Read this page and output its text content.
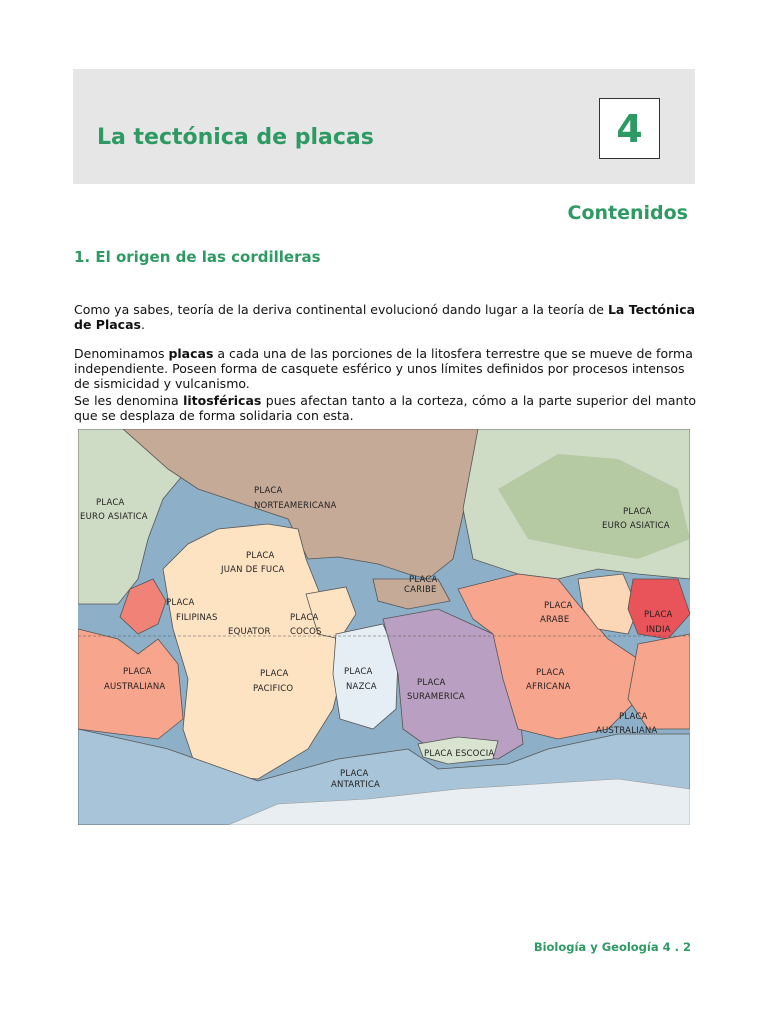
La tectónica de placas	4
Contenidos
1. El origen de las cordilleras
Como ya sabes, teoría de la deriva continental evolucionó dando lugar a la teoría de La Tectónica de Placas.
Denominamos placas a cada una de las porciones de la litosfera terrestre que se mueve de forma independiente. Poseen forma de casquete esférico y unos límites definidos por procesos intensos de sismicidad y vulcanismo.
Se les denomina litosféricas pues afectan tanto a la corteza, cómo a la parte superior del manto que se desplaza de forma solidaria con esta.
EQUATOR
PLACA
EURO ASIATICA
PLACA
NORTEAMERICANA
PLACA
JUAN DE FUCA
PLACA
CARIBE
PLACA
EURO ASIATICA
PLACA
FILIPINAS	PLACA
COCOS
PLACA
ARABE	PLACA
INDIA
PLACA
AUSTRALIANA
PLACA
PACIFICO
PLACA
NAZCA	PLACA
SURAMERICA
PLACA
AFRICANA
PLACA
AUSTRALIANA
PLACA ESCOCIA
PLACA
ANTARTICA
Biología y Geología 4 . 2
